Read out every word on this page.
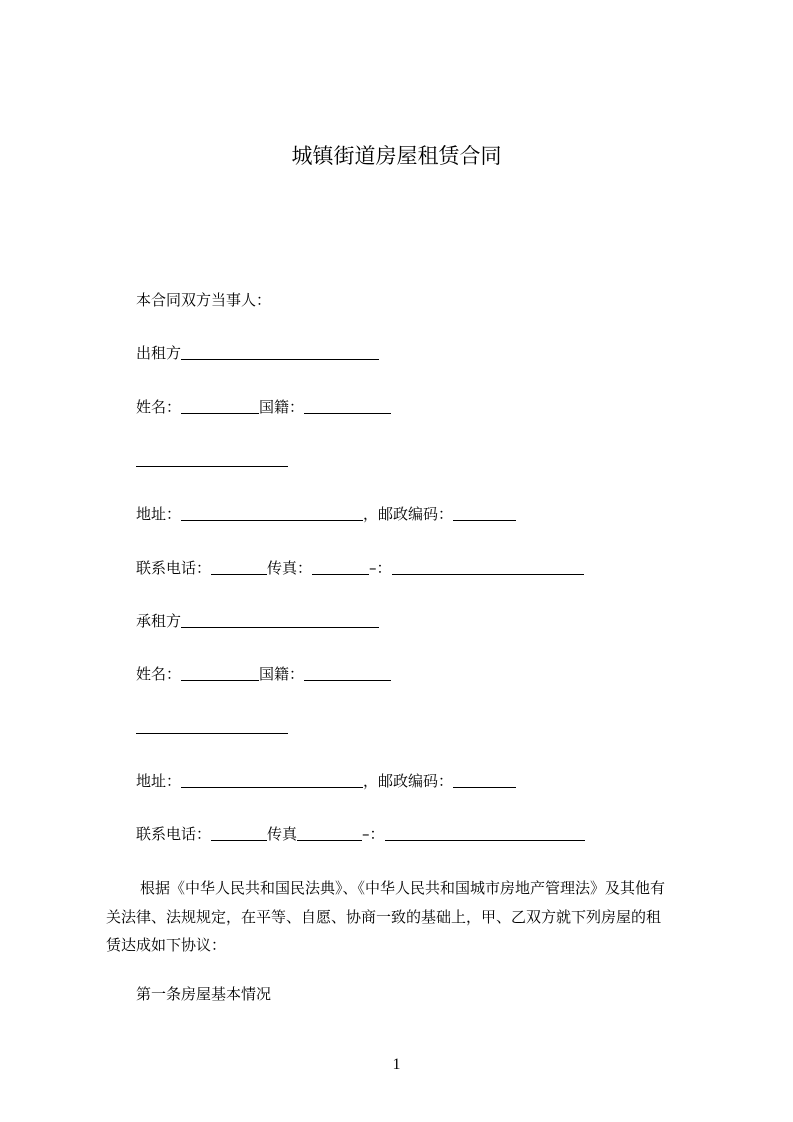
城镇街道房屋租赁合同
本合同双方当事人：
出租方
姓名：	国籍：
地址：	，邮政编码：
联系电话：	传真：	–：
承租方
姓名：	国籍：
地址：	，邮政编码：
联系电话：	传真	–：
根据《中华人民共和国民法典》、《中华人民共和国城市房地产管理法》及其他有
关法律、法规规定，在平等、自愿、协商一致的基础上，甲、乙双方就下列房屋的租
赁达成如下协议：
第一条房屋基本情况
1
